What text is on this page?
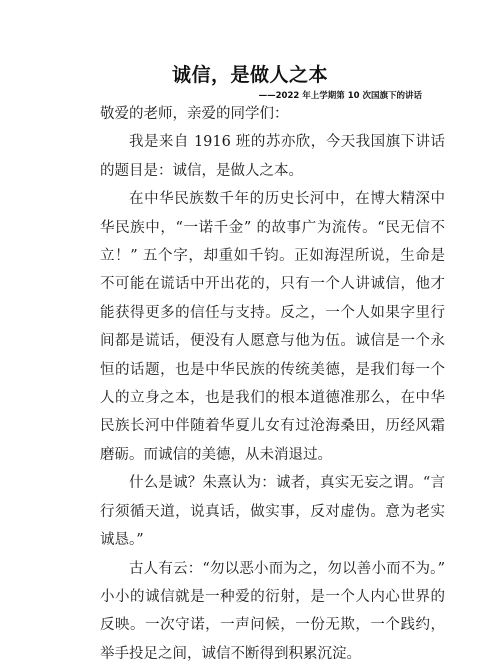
诚信，是做人之本
——2022 年上学期第 10 次国旗下的讲话

敬爱的老师，亲爱的同学们：

我是来自 1916 班的苏亦欣，今天我国旗下讲话的题目是：诚信，是做人之本。

在中华民族数千年的历史长河中，在博大精深中华民族中，“一诺千金” 的故事广为流传。“民无信不立！” 五个字，却重如千钧。正如海涅所说，生命是不可能在谎话中开出花的，只有一个人讲诚信，他才能获得更多的信任与支持。反之，一个人如果字里行间都是谎话，便没有人愿意与他为伍。诚信是一个永恒的话题，也是中华民族的传统美德，是我们每一个人的立身之本，也是我们的根本道德准那么，在中华民族长河中伴随着华夏儿女有过沧海桑田，历经风霜磨砺。而诚信的美德，从未消退过。

什么是诚？朱熹认为：诚者，真实无妄之谓。“言行须循天道，说真话，做实事，反对虚伪。意为老实诚恳。”

古人有云：“勿以恶小而为之，勿以善小而不为。” 小小的诚信就是一种爱的衍射，是一个人内心世界的反映。一次守诺，一声问候，一份无欺，一个践约，举手投足之间，诚信不断得到积累沉淀。
